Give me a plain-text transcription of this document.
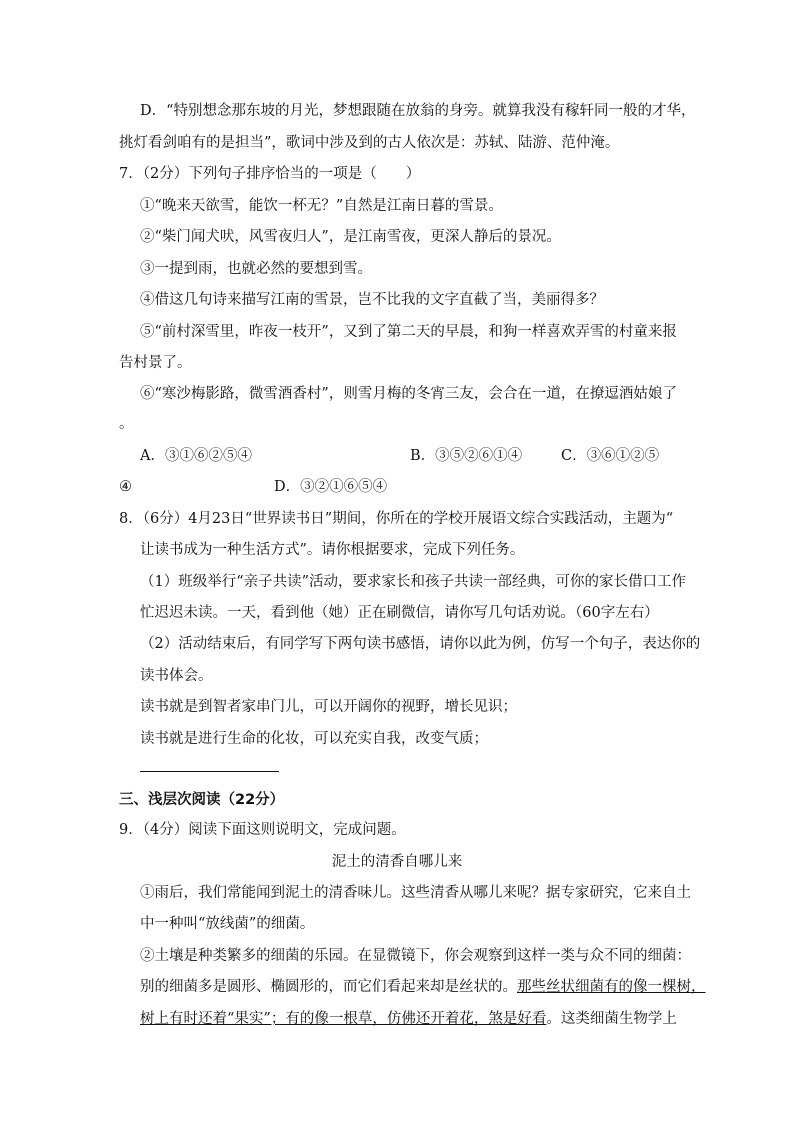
D．“特别想念那东坡的月光，梦想跟随在放翁的身旁。就算我没有稼轩同一般的才华，
挑灯看剑咱有的是担当”，歌词中涉及到的古人依次是：苏轼、陆游、范仲淹。
7．（2分）下列句子排序恰当的一项是（　　）
①“晚来天欲雪，能饮一杯无？”自然是江南日暮的雪景。
②“柴门闻犬吠，风雪夜归人”，是江南雪夜，更深人静后的景况。
③一提到雨，也就必然的要想到雪。
④借这几句诗来描写江南的雪景，岂不比我的文字直截了当，美丽得多？
⑤“前村深雪里，昨夜一枝开”，又到了第二天的早晨，和狗一样喜欢弄雪的村童来报
告村景了。
⑥“寒沙梅影路，微雪酒香村”，则雪月梅的冬宵三友，会合在一道，在撩逗酒姑娘了
。
A．③①⑥②⑤④	B．③⑤②⑥①④	C．③⑥①②⑤
④	D．③②①⑥⑤④
8．（6分）4月23日“世界读书日”期间，你所在的学校开展语文综合实践活动，主题为“
让读书成为一种生活方式”。请你根据要求，完成下列任务。
（1）班级举行“亲子共读”活动，要求家长和孩子共读一部经典，可你的家长借口工作
忙迟迟未读。一天，看到他（她）正在刷微信，请你写几句话劝说。（60字左右）
（2）活动结束后，有同学写下两句读书感悟，请你以此为例，仿写一个句子，表达你的
读书体会。
读书就是到智者家串门儿，可以开阔你的视野，增长见识；
读书就是进行生命的化妆，可以充实自我，改变气质；
三、浅层次阅读（22分）
9．（4分）阅读下面这则说明文，完成问题。
泥土的清香自哪儿来
①雨后，我们常能闻到泥土的清香味儿。这些清香从哪儿来呢？据专家研究，它来自土
中一种叫“放线菌”的细菌。
②土壤是种类繁多的细菌的乐园。在显微镜下，你会观察到这样一类与众不同的细菌：
别的细菌多是圆形、椭圆形的，而它们看起来却是丝状的。那些丝状细菌有的像一棵树，
树上有时还着“果实”；有的像一根草，仿佛还开着花，煞是好看。这类细菌生物学上
